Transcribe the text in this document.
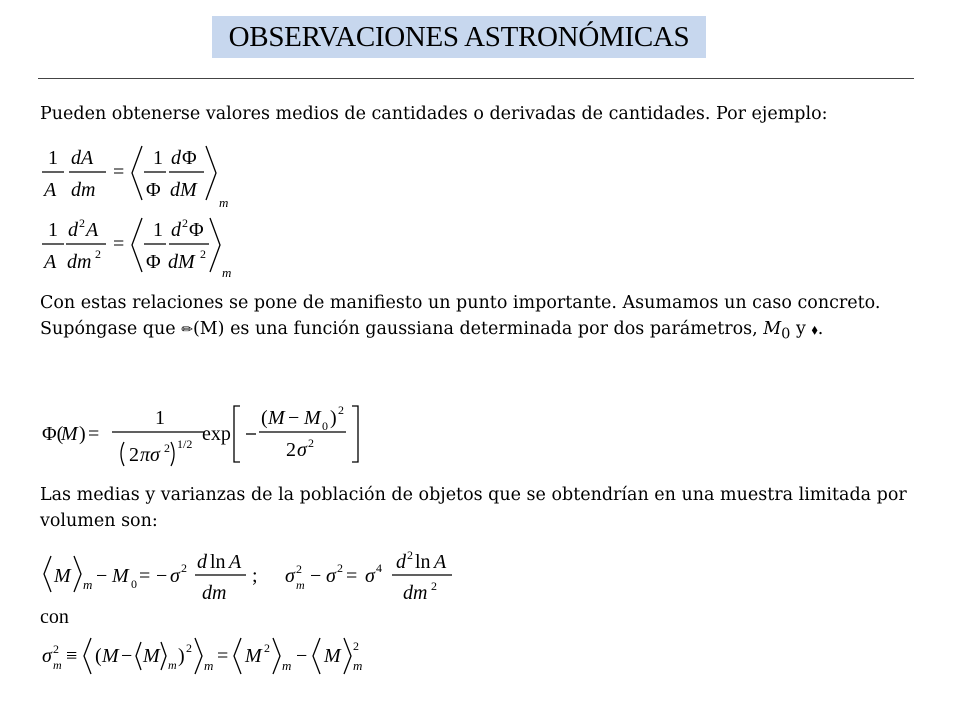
OBSERVACIONES ASTRONÓMICAS
Pueden obtenerse valores medios de cantidades o derivadas de cantidades. Por ejemplo:
1
A
dA
dm
=
1
Φ
d Φ
dM
m
1
A
d 2 A
dm 2 =
1
Φ
d 2 Φ
dM 2
m
Con estas relaciones se pone de manifiesto un punto importante. Asumamos un caso concreto. Supóngase que ✏(M) es una función gaussiana determinada por dos parámetros, $M_0$ y ⬧.
Φ(
M ) =
1
2 πσ 2 1/2 exp
( M − M 0 ) 2
2 σ 2
Las medias y varianzas de la población de objetos que se obtendrían en una muestra limitada por volumen son:
M m − M 0 = − σ 2 d ln A
dm
; σ 2
m − σ 2 = σ 4 d 2 ln A
dm 2
con
σ 2
m ≡ ( M − M m ) 2
m = M 2
m − M 2
m
